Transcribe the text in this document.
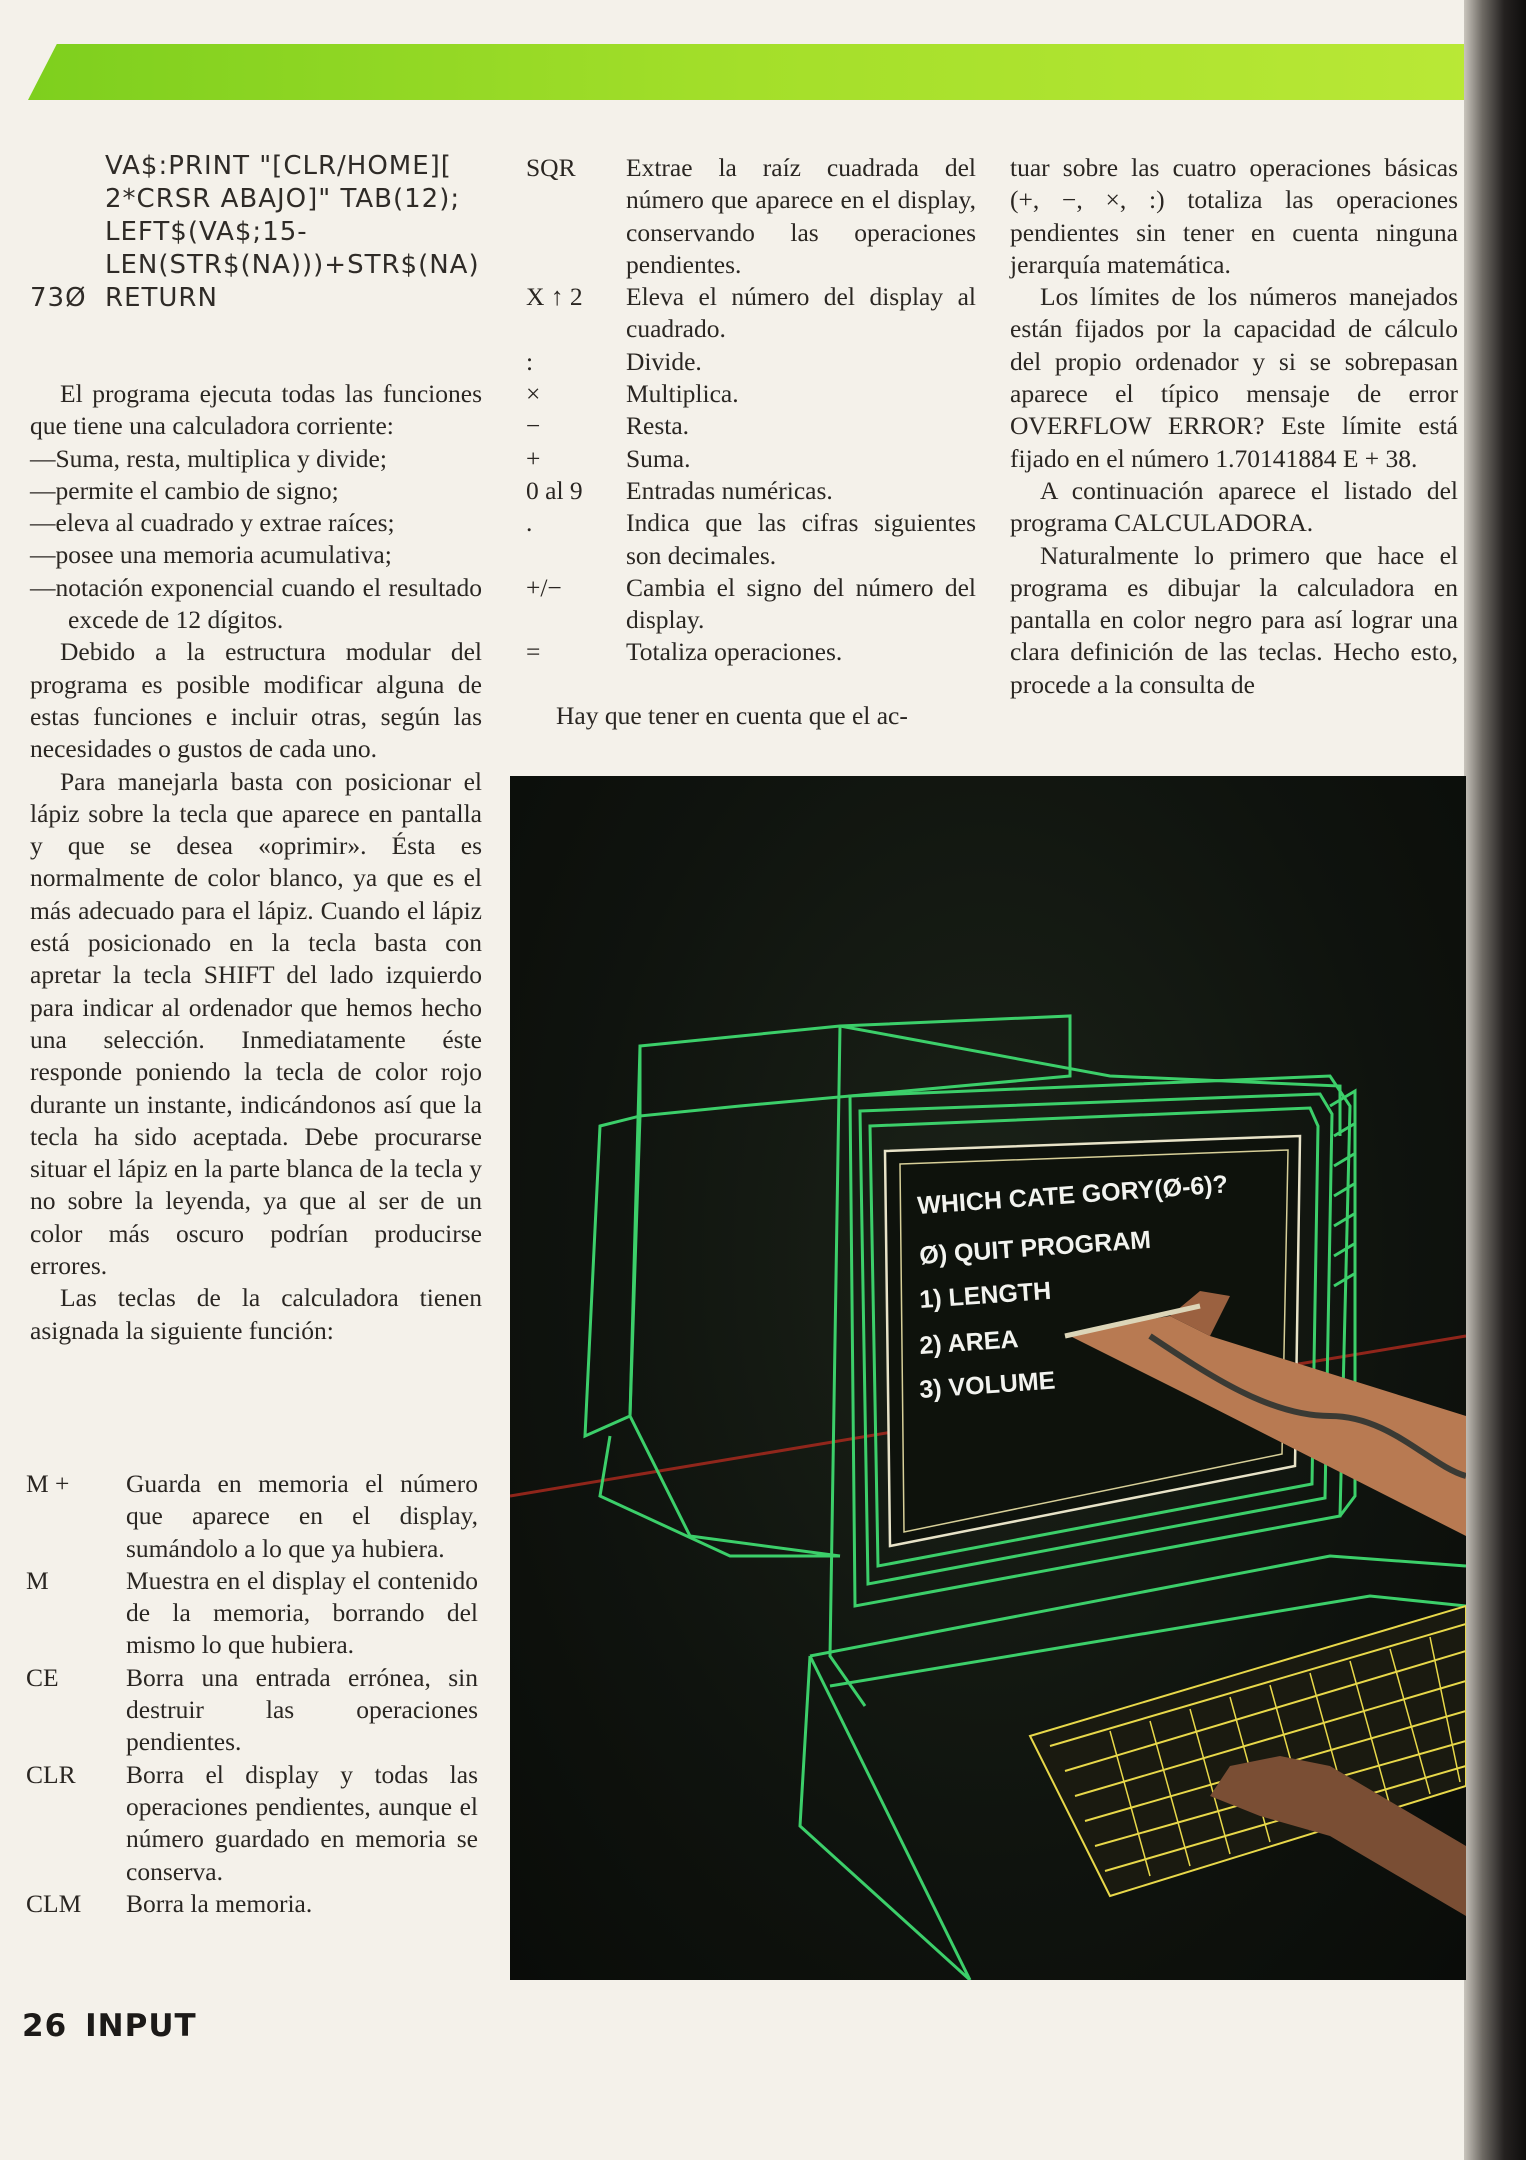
VA$:PRINT "[CLR/HOME][
2*CRSR ABAJO]" TAB(12);
LEFT$(VA$;15-
LEN(STR$(NA)))+STR$(NA)
73Ø RETURN

El programa ejecuta todas las funciones que tiene una calculadora corriente:

—Suma, resta, multiplica y divide;

—permite el cambio de signo;

—eleva al cuadrado y extrae raíces;

—posee una memoria acumulativa;

—notación exponencial cuando el resultado excede de 12 dígitos.

Debido a la estructura modular del programa es posible modificar alguna de estas funciones e incluir otras, según las necesidades o gustos de cada uno.

Para manejarla basta con posicionar el lápiz sobre la tecla que aparece en pantalla y que se desea «oprimir». Ésta es normalmente de color blanco, ya que es el más adecuado para el lápiz. Cuando el lápiz está posicionado en la tecla basta con apretar la tecla SHIFT del lado izquierdo para indicar al ordenador que hemos hecho una selección. Inmediatamente éste responde poniendo la tecla de color rojo durante un instante, indicándonos así que la tecla ha sido aceptada. Debe procurarse situar el lápiz en la parte blanca de la tecla y no sobre la leyenda, ya que al ser de un color más oscuro podrían producirse errores.

Las teclas de la calculadora tienen asignada la siguiente función:

M +	Guarda en memoria el número que aparece en el display, sumándolo a lo que ya hubiera.
M	Muestra en el display el contenido de la memoria, borrando del mismo lo que hubiera.
CE	Borra una entrada errónea, sin destruir las operaciones pendientes.
CLR	Borra el display y todas las operaciones pendientes, aunque el número guardado en memoria se conserva.
CLM	Borra la memoria.
SQR	Extrae la raíz cuadrada del número que aparece en el display, conservando las operaciones pendientes.
X ↑ 2	Eleva el número del display al cuadrado.
:	Divide.
×	Multiplica.
−	Resta.
+	Suma.
0 al 9	Entradas numéricas.
.	Indica que las cifras siguientes son decimales.
+/−	Cambia el signo del número del display.
=	Totaliza operaciones.

Hay que tener en cuenta que el ac-

tuar sobre las cuatro operaciones básicas (+, −, ×, :) totaliza las operaciones pendientes sin tener en cuenta ninguna jerarquía matemática.

Los límites de los números manejados están fijados por la capacidad de cálculo del propio ordenador y si se sobrepasan aparece el típico mensaje de error OVERFLOW ERROR? Este límite está fijado en el número 1.70141884 E + 38.

A continuación aparece el listado del programa CALCULADORA.

Naturalmente lo primero que hace el programa es dibujar la calculadora en pantalla en color negro para así lograr una clara definición de las teclas. Hecho esto, procede a la consulta de

WHICH CATE GORY(Ø-6)?
Ø) QUIT PROGRAM
1) LENGTH
2) AREA
3) VOLUME
26 INPUT
